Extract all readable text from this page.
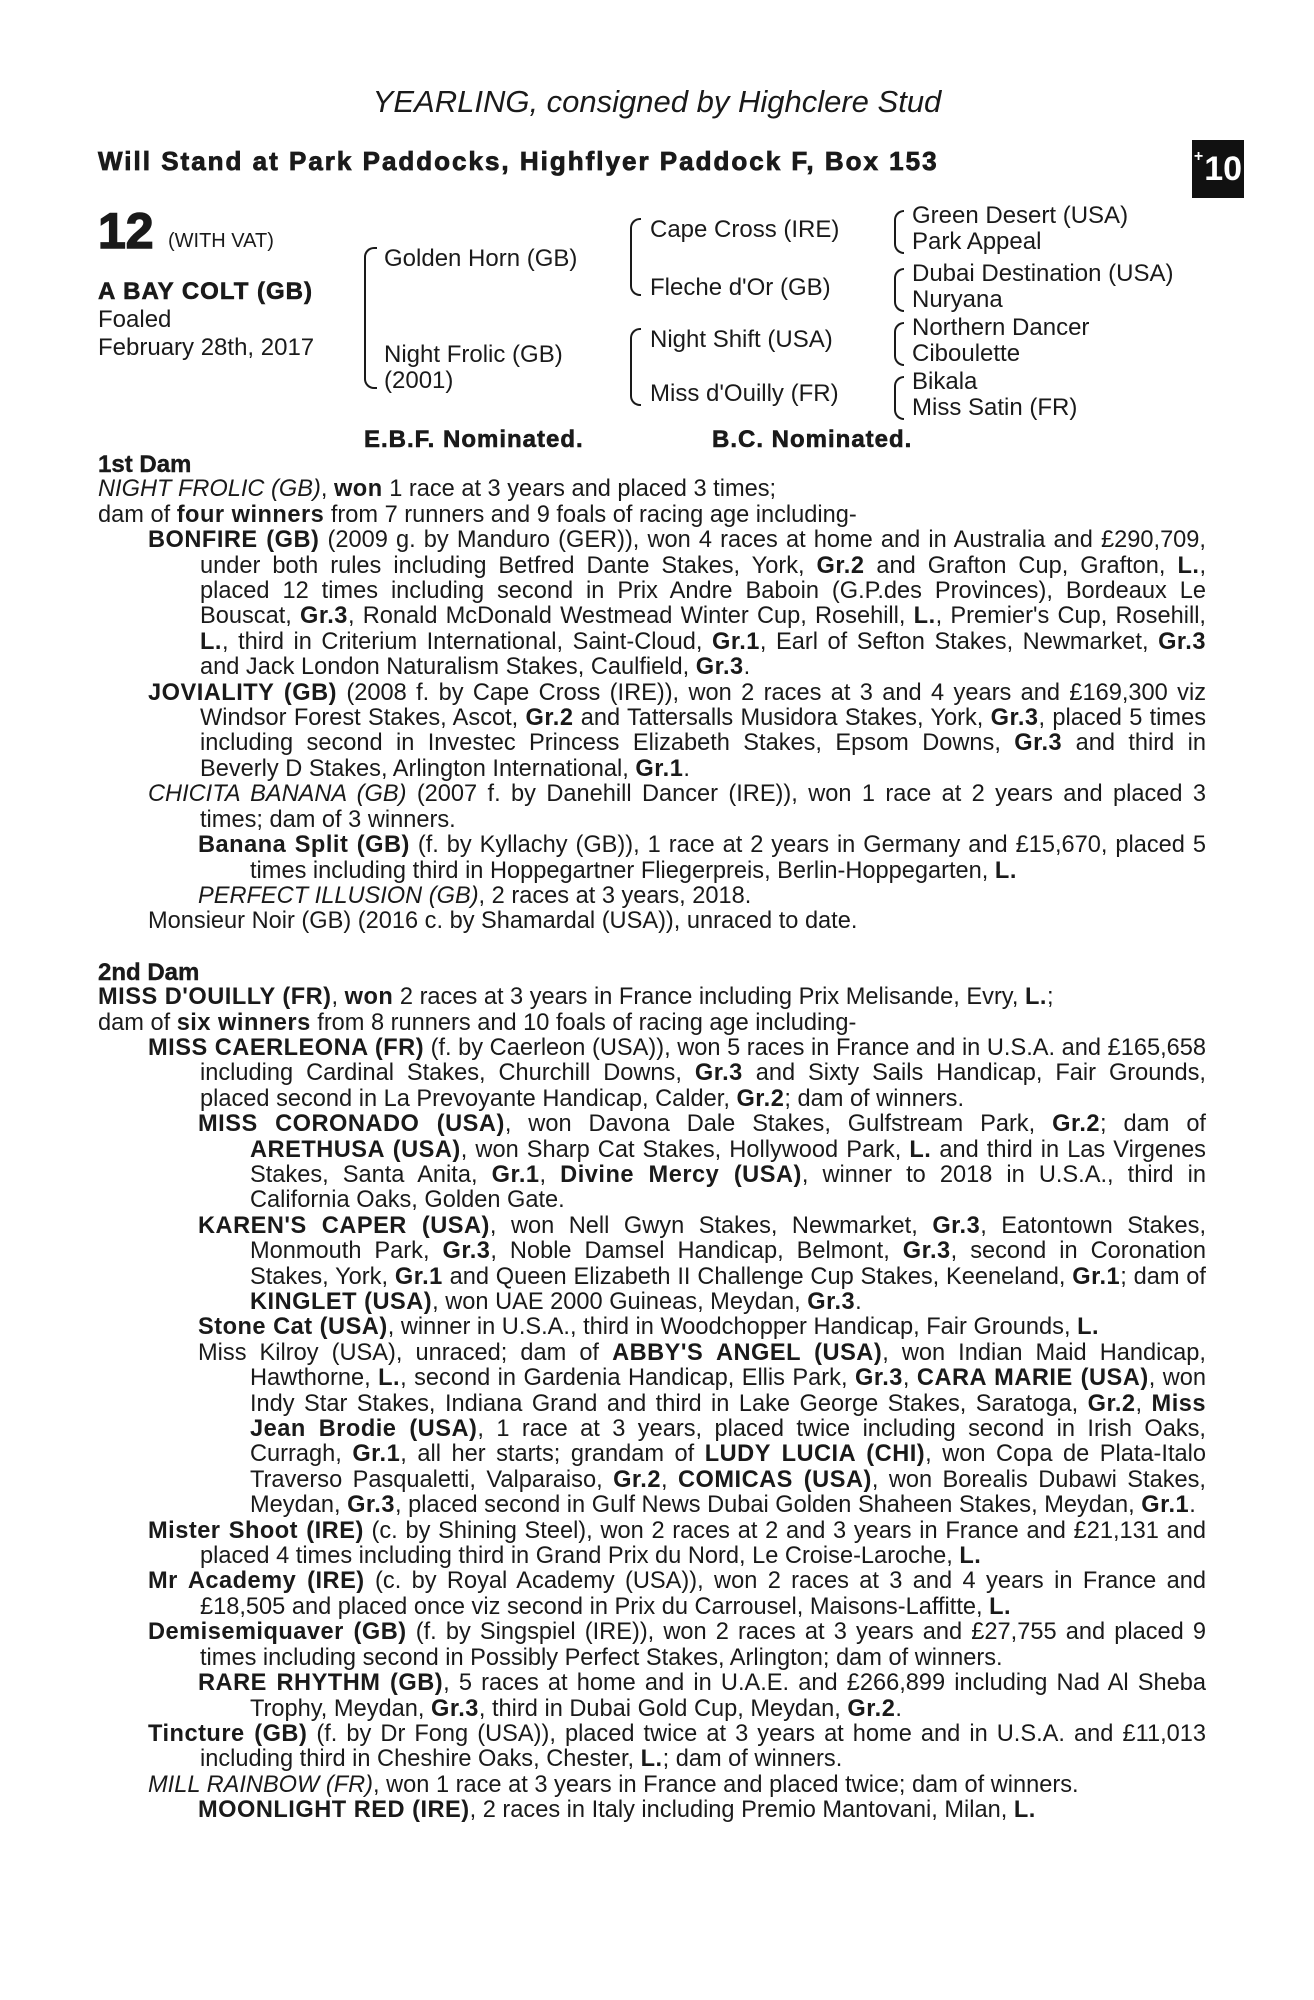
YEARLING, consigned by Highclere Stud
Will Stand at Park Paddocks, Highflyer Paddock F, Box 153	+ 10
12 (WITH VAT)
A BAY COLT (GB)
Foaled
February 28th, 2017
Golden Horn (GB)
Night Frolic (GB)
(2001)
Cape Cross (IRE)
Fleche d'Or (GB)
Night Shift (USA)
Miss d'Ouilly (FR)
Green Desert (USA)
Park Appeal
Dubai Destination (USA)
Nuryana
Northern Dancer
Ciboulette
Bikala
Miss Satin (FR)
E.B.F. Nominated.	B.C. Nominated.
1st Dam

NIGHT FROLIC (GB), won 1 race at 3 years and placed 3 times;

dam of four winners from 7 runners and 9 foals of racing age including-

BONFIRE (GB) (2009 g. by Manduro (GER)), won 4 races at home and in Australia and £290,709, under both rules including Betfred Dante Stakes, York, Gr.2 and Grafton Cup, Grafton, L., placed 12 times including second in Prix Andre Baboin (G.P.des Provinces), Bordeaux Le Bouscat, Gr.3, Ronald McDonald Westmead Winter Cup, Rosehill, L., Premier's Cup, Rosehill, L., third in Criterium International, Saint-Cloud, Gr.1, Earl of Sefton Stakes, Newmarket, Gr.3 and Jack London Naturalism Stakes, Caulfield, Gr.3.

JOVIALITY (GB) (2008 f. by Cape Cross (IRE)), won 2 races at 3 and 4 years and £169,300 viz Windsor Forest Stakes, Ascot, Gr.2 and Tattersalls Musidora Stakes, York, Gr.3, placed 5 times including second in Investec Princess Elizabeth Stakes, Epsom Downs, Gr.3 and third in Beverly D Stakes, Arlington International, Gr.1.

CHICITA BANANA (GB) (2007 f. by Danehill Dancer (IRE)), won 1 race at 2 years and placed 3 times; dam of 3 winners.

Banana Split (GB) (f. by Kyllachy (GB)), 1 race at 2 years in Germany and £15,670, placed 5 times including third in Hoppegartner Fliegerpreis, Berlin-Hoppegarten, L.

PERFECT ILLUSION (GB), 2 races at 3 years, 2018.

Monsieur Noir (GB) (2016 c. by Shamardal (USA)), unraced to date.

2nd Dam

MISS D'OUILLY (FR), won 2 races at 3 years in France including Prix Melisande, Evry, L.;

dam of six winners from 8 runners and 10 foals of racing age including-

MISS CAERLEONA (FR) (f. by Caerleon (USA)), won 5 races in France and in U.S.A. and £165,658 including Cardinal Stakes, Churchill Downs, Gr.3 and Sixty Sails Handicap, Fair Grounds, placed second in La Prevoyante Handicap, Calder, Gr.2; dam of winners.

MISS CORONADO (USA), won Davona Dale Stakes, Gulfstream Park, Gr.2; dam of ARETHUSA (USA), won Sharp Cat Stakes, Hollywood Park, L. and third in Las Virgenes Stakes, Santa Anita, Gr.1, Divine Mercy (USA), winner to 2018 in U.S.A., third in California Oaks, Golden Gate.

KAREN'S CAPER (USA), won Nell Gwyn Stakes, Newmarket, Gr.3, Eatontown Stakes, Monmouth Park, Gr.3, Noble Damsel Handicap, Belmont, Gr.3, second in Coronation Stakes, York, Gr.1 and Queen Elizabeth II Challenge Cup Stakes, Keeneland, Gr.1; dam of KINGLET (USA), won UAE 2000 Guineas, Meydan, Gr.3.

Stone Cat (USA), winner in U.S.A., third in Woodchopper Handicap, Fair Grounds, L.

Miss Kilroy (USA), unraced; dam of ABBY'S ANGEL (USA), won Indian Maid Handicap, Hawthorne, L., second in Gardenia Handicap, Ellis Park, Gr.3, CARA MARIE (USA), won Indy Star Stakes, Indiana Grand and third in Lake George Stakes, Saratoga, Gr.2, Miss Jean Brodie (USA), 1 race at 3 years, placed twice including second in Irish Oaks, Curragh, Gr.1, all her starts; grandam of LUDY LUCIA (CHI), won Copa de Plata-Italo Traverso Pasqualetti, Valparaiso, Gr.2, COMICAS (USA), won Borealis Dubawi Stakes, Meydan, Gr.3, placed second in Gulf News Dubai Golden Shaheen Stakes, Meydan, Gr.1.

Mister Shoot (IRE) (c. by Shining Steel), won 2 races at 2 and 3 years in France and £21,131 and placed 4 times including third in Grand Prix du Nord, Le Croise-Laroche, L.

Mr Academy (IRE) (c. by Royal Academy (USA)), won 2 races at 3 and 4 years in France and £18,505 and placed once viz second in Prix du Carrousel, Maisons-Laffitte, L.

Demisemiquaver (GB) (f. by Singspiel (IRE)), won 2 races at 3 years and £27,755 and placed 9 times including second in Possibly Perfect Stakes, Arlington; dam of winners.

RARE RHYTHM (GB), 5 races at home and in U.A.E. and £266,899 including Nad Al Sheba Trophy, Meydan, Gr.3, third in Dubai Gold Cup, Meydan, Gr.2.

Tincture (GB) (f. by Dr Fong (USA)), placed twice at 3 years at home and in U.S.A. and £11,013 including third in Cheshire Oaks, Chester, L.; dam of winners.

MILL RAINBOW (FR), won 1 race at 3 years in France and placed twice; dam of winners.

MOONLIGHT RED (IRE), 2 races in Italy including Premio Mantovani, Milan, L.
